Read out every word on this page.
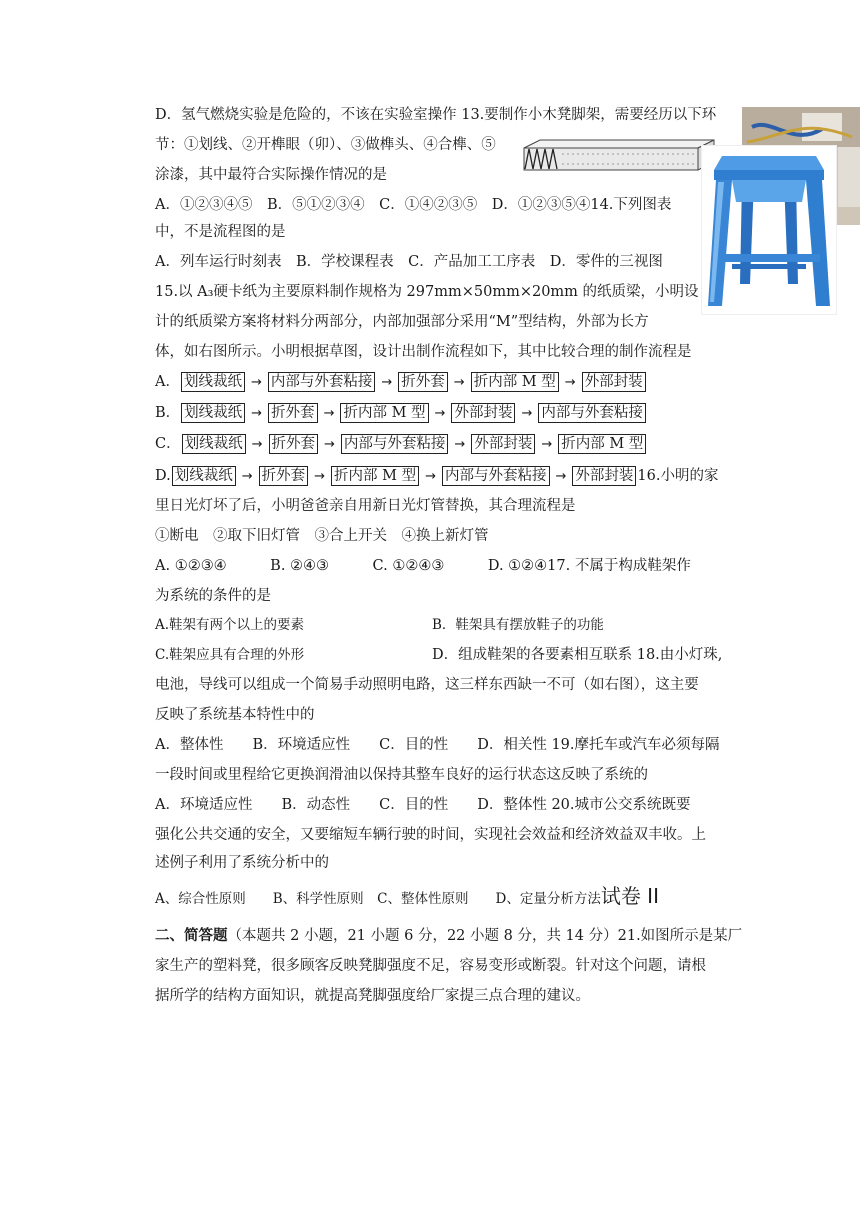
D．氢气燃烧实验是危险的，不该在实验室操作 13.要制作小木凳脚架，需要经历以下环
节：①划线、②开榫眼（卯）、③做榫头、④合榫、⑤
涂漆，其中最符合实际操作情况的是
A．①②③④⑤　B．⑤①②③④　C．①④②③⑤　D．①②③⑤④14.下列图表
中，不是流程图的是
A．列车运行时刻表　B．学校课程表　C．产品加工工序表　D．零件的三视图
15.以 A₃硬卡纸为主要原料制作规格为 297mm×50mm×20mm 的纸质梁，小明设
计的纸质梁方案将材料分两部分，内部加强部分采用“M”型结构，外部为长方
体，如右图所示。小明根据草图，设计出制作流程如下，其中比较合理的制作流程是
A． 划线裁纸 → 内部与外套粘接 → 折外套 → 折内部 M 型 → 外部封装
B． 划线裁纸 → 折外套 → 折内部 M 型 → 外部封装 → 内部与外套粘接
C． 划线裁纸 → 折外套 → 内部与外套粘接 → 外部封装 → 折内部 M 型
D. 划线裁纸 → 折外套 → 折内部 M 型 → 内部与外套粘接 → 外部封装 16.小明的家
里日光灯坏了后，小明爸爸亲自用新日光灯管替换，其合理流程是
①断电　②取下旧灯管　③合上开关　④换上新灯管
A. ①②③④　　　B. ②④③　　　C. ①②④③　　　D. ①②④17. 不属于构成鞋架作
为系统的条件的是
A.鞋架有两个以上的要素	B．鞋架具有摆放鞋子的功能
C.鞋架应具有合理的外形	D．组成鞋架的各要素相互联系 18.由小灯珠,
电池，导线可以组成一个简易手动照明电路，这三样东西缺一不可（如右图），这主要
反映了系统基本特性中的
A．整体性　　B．环境适应性　　C．目的性　　D．相关性 19.摩托车或汽车必须每隔
一段时间或里程给它更换润滑油以保持其整车良好的运行状态这反映了系统的
A．环境适应性　　B．动态性　　C．目的性　　D．整体性 20.城市公交系统既要
强化公共交通的安全，又要缩短车辆行驶的时间，实现社会效益和经济效益双丰收。上
述例子利用了系统分析中的
A、综合性原则　　B、科学性原则　C、整体性原则　　D、定量分析方法试卷 II
二、简答题（本题共 2 小题，21 小题 6 分，22 小题 8 分，共 14 分）21.如图所示是某厂
家生产的塑料凳，很多顾客反映凳脚强度不足，容易变形或断裂。针对这个问题，请根
据所学的结构方面知识，就提高凳脚强度给厂家提三点合理的建议。
